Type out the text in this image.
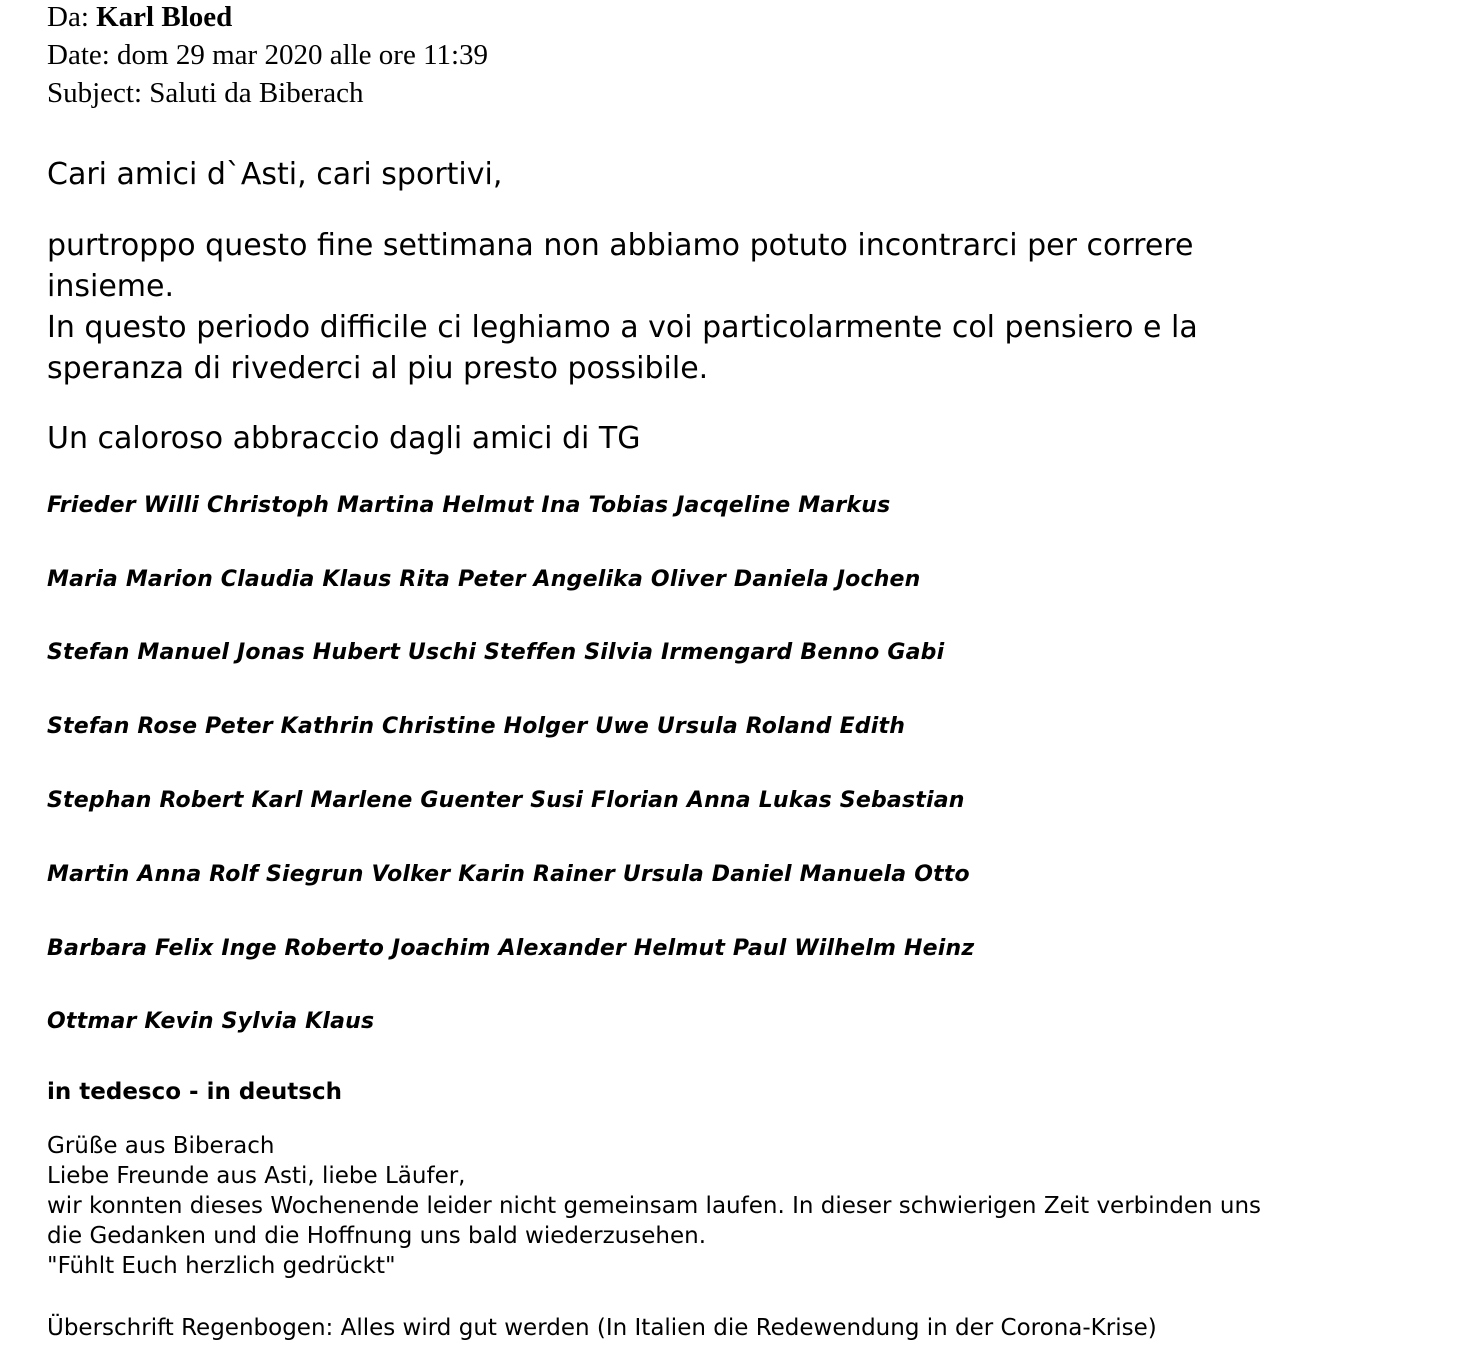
Da: Karl Bloed
Date: dom 29 mar 2020 alle ore 11:39
Subject: Saluti da Biberach
Cari amici d`Asti, cari sportivi,
purtroppo questo fine settimana non abbiamo potuto incontrarci per correre
insieme.
In questo periodo difficile ci leghiamo a voi particolarmente col pensiero e la
speranza di rivederci al piu presto possibile.
Un caloroso abbraccio dagli amici di TG
Frieder Willi Christoph Martina Helmut Ina Tobias Jacqeline Markus
Maria Marion Claudia Klaus Rita Peter Angelika Oliver Daniela Jochen
Stefan Manuel Jonas Hubert Uschi Steffen Silvia Irmengard Benno Gabi
Stefan Rose Peter Kathrin Christine Holger Uwe Ursula Roland Edith
Stephan Robert Karl Marlene Guenter Susi Florian Anna Lukas Sebastian
Martin Anna Rolf Siegrun Volker Karin Rainer Ursula Daniel Manuela Otto
Barbara Felix Inge Roberto Joachim Alexander Helmut Paul Wilhelm Heinz
Ottmar Kevin Sylvia Klaus
in tedesco - in deutsch
Grüße aus Biberach
Liebe Freunde aus Asti, liebe Läufer,
wir konnten dieses Wochenende leider nicht gemeinsam laufen. In dieser schwierigen Zeit verbinden uns
die Gedanken und die Hoffnung uns bald wiederzusehen.
"Fühlt Euch herzlich gedrückt"
Überschrift Regenbogen: Alles wird gut werden (In Italien die Redewendung in der Corona-Krise)
